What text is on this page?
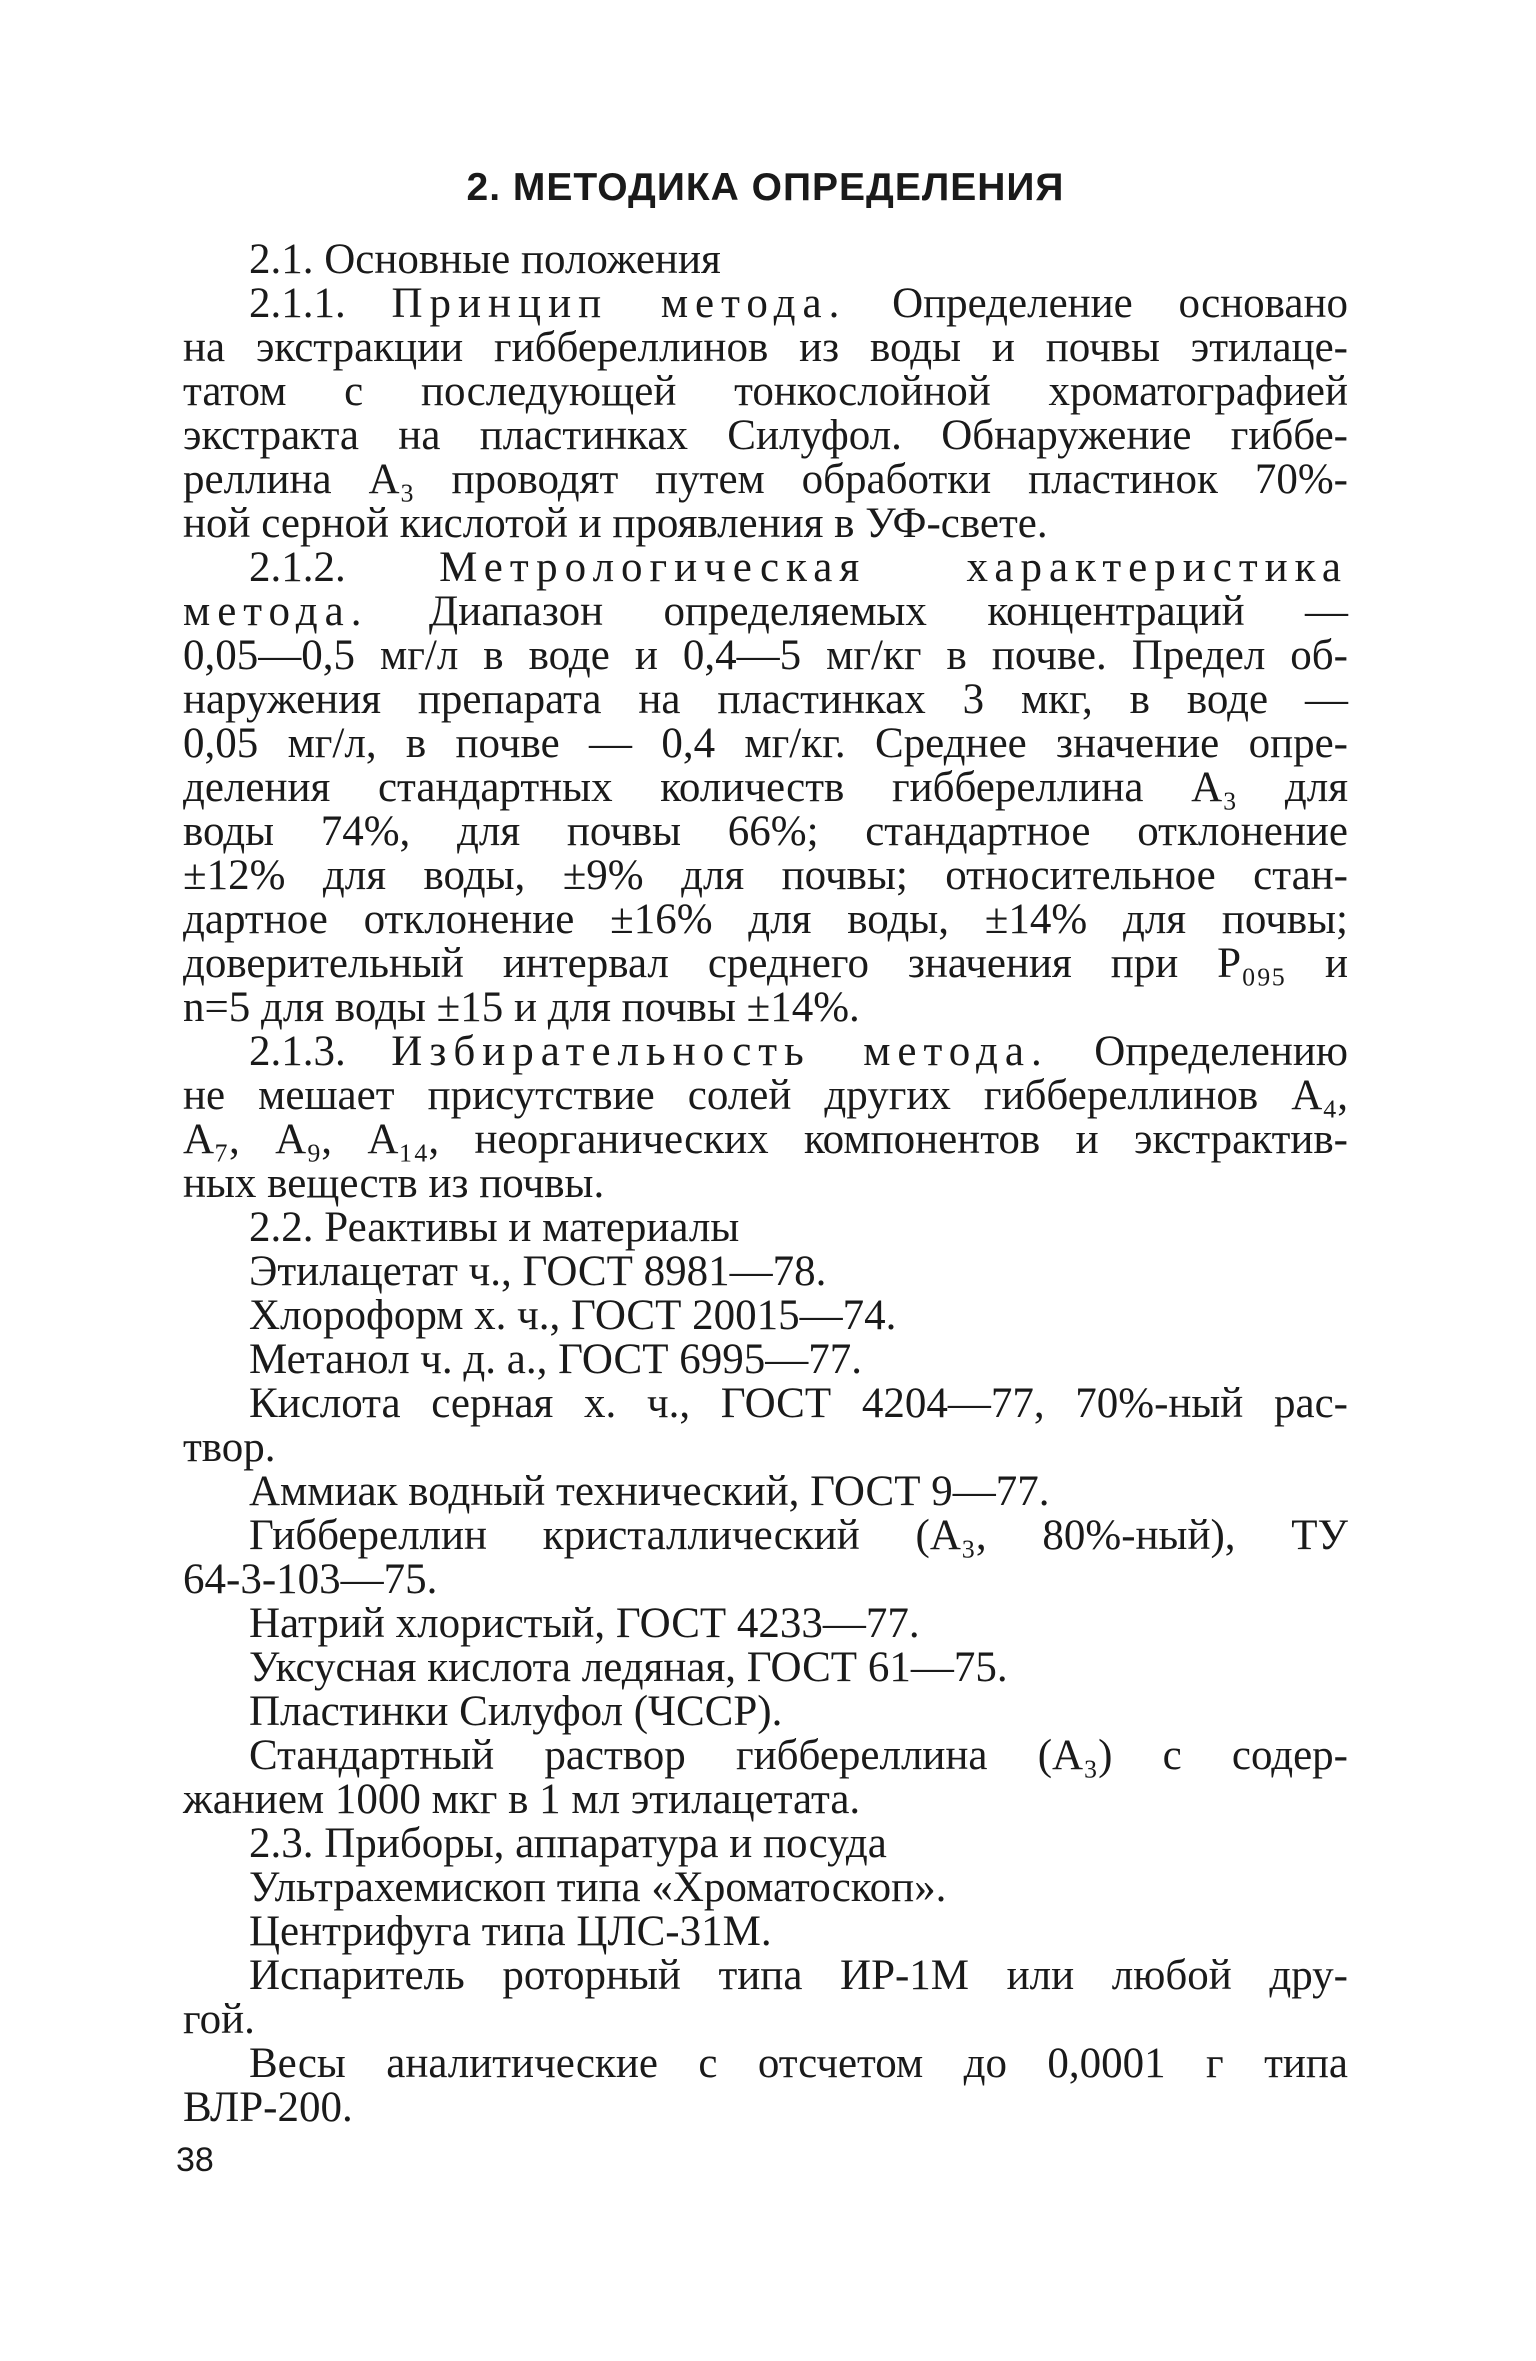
2. МЕТОДИКА ОПРЕДЕЛЕНИЯ
2.1. Основные положения
2.1.1. Принцип метода. Определение основано
на экстракции гиббереллинов из воды и почвы этилаце-
татом с последующей тонкослойной хроматографией
экстракта на пластинках Силуфол. Обнаружение гиббе-
реллина А₃ проводят путем обработки пластинок 70%-
ной серной кислотой и проявления в УФ-свете.
2.1.2. Метрологическая характеристика
метода. Диапазон определяемых концентраций —
0,05—0,5 мг/л в воде и 0,4—5 мг/кг в почве. Предел об-
наружения препарата на пластинках 3 мкг, в воде —
0,05 мг/л, в почве — 0,4 мг/кг. Среднее значение опре-
деления стандартных количеств гиббереллина А₃ для
воды 74%, для почвы 66%; стандартное отклонение
±12% для воды, ±9% для почвы; относительное стан-
дартное отклонение ±16% для воды, ±14% для почвы;
доверительный интервал среднего значения при P₀₉₅ и
n=5 для воды ±15 и для почвы ±14%.
2.1.3. Избирательность метода. Определению
не мешает присутствие солей других гиббереллинов А₄,
А₇, А₉, А₁₄, неорганических компонентов и экстрактив-
ных веществ из почвы.
2.2. Реактивы и материалы
Этилацетат ч., ГОСТ 8981—78.
Хлороформ х. ч., ГОСТ 20015—74.
Метанол ч. д. а., ГОСТ 6995—77.
Кислота серная х. ч., ГОСТ 4204—77, 70%-ный рас-
твор.
Аммиак водный технический, ГОСТ 9—77.
Гиббереллин кристаллический (А₃, 80%-ный), ТУ
64-3-103—75.
Натрий хлористый, ГОСТ 4233—77.
Уксусная кислота ледяная, ГОСТ 61—75.
Пластинки Силуфол (ЧССР).
Стандартный раствор гиббереллина (А₃) с содер-
жанием 1000 мкг в 1 мл этилацетата.
2.3. Приборы, аппаратура и посуда
Ультрахемископ типа «Хроматоскоп».
Центрифуга типа ЦЛС-31М.
Испаритель роторный типа ИР-1М или любой дру-
гой.
Весы аналитические с отсчетом до 0,0001 г типа
ВЛР-200.
38
